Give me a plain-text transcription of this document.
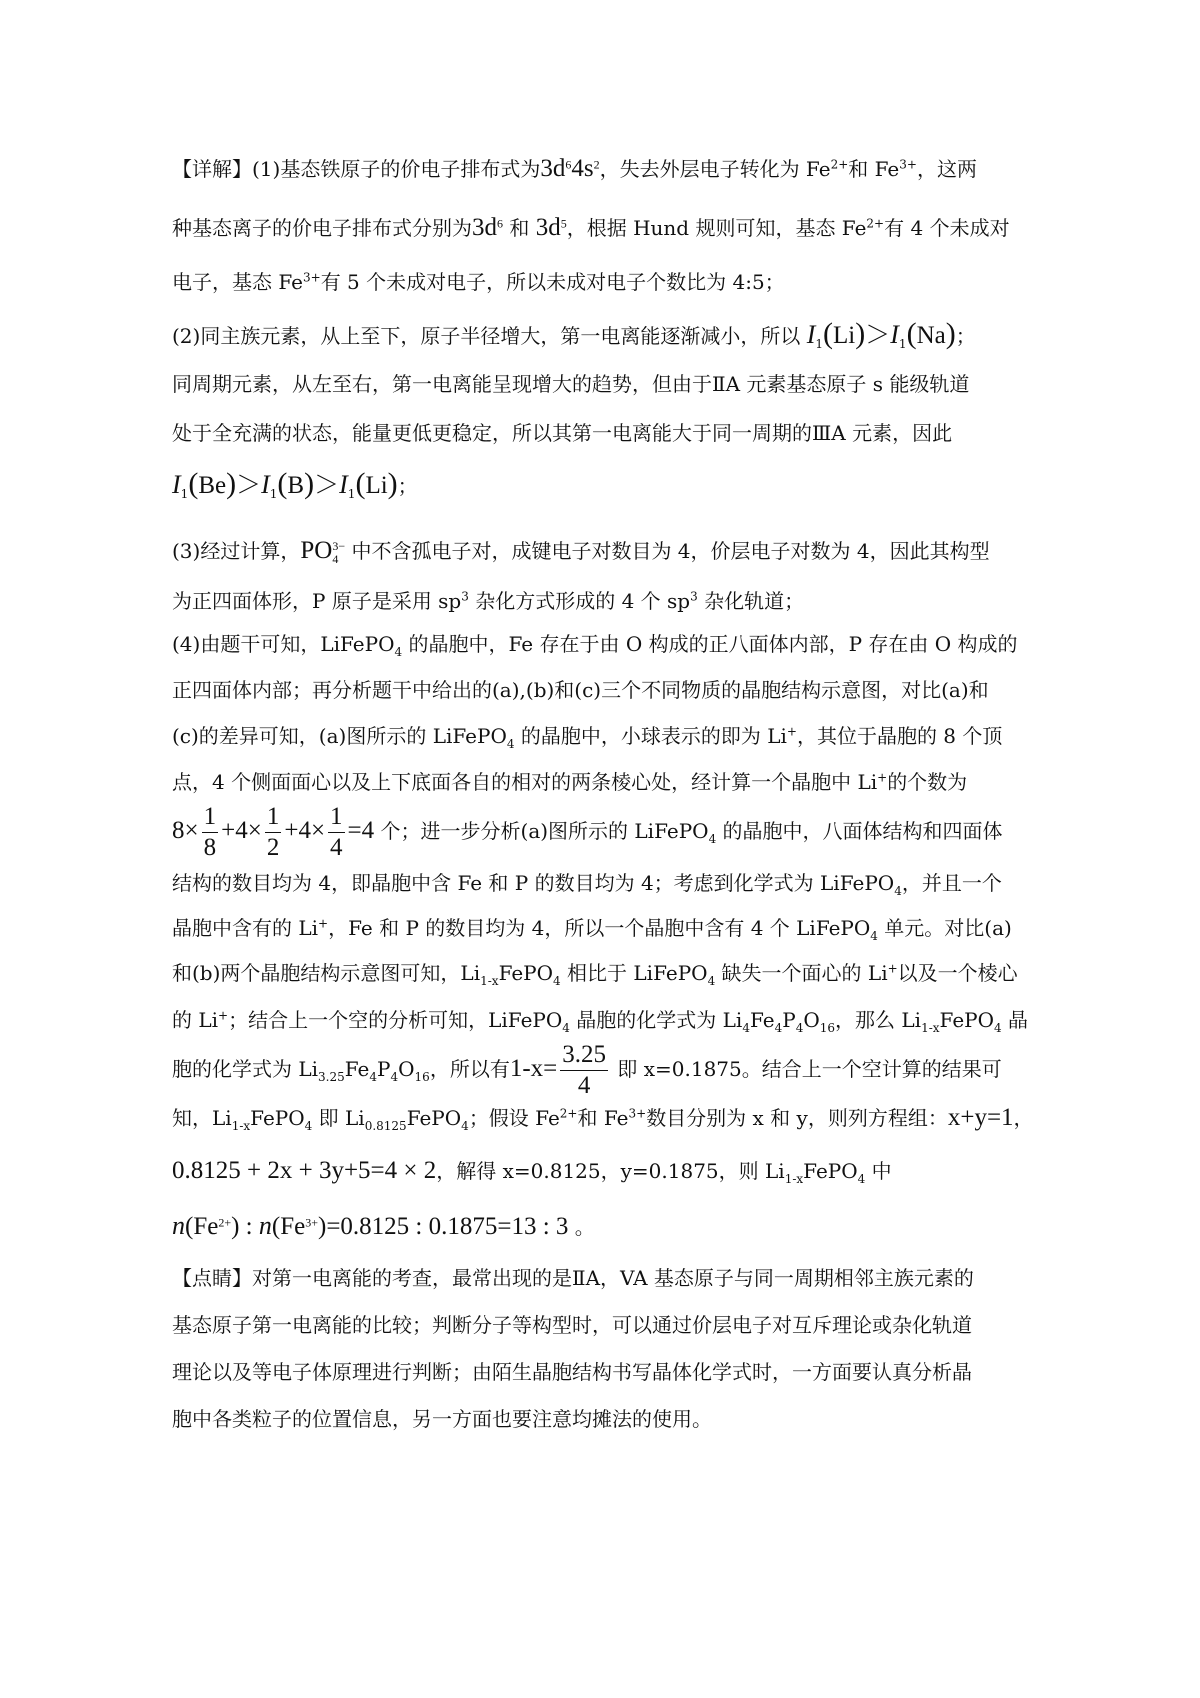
【详解】(1)基态铁原子的价电子排布式为$3d^64s^2$，失去外层电子转化为 $Fe^{2+}$和 $Fe^{3+}$，这两
种基态离子的价电子排布式分别为$3d^6$ 和 $3d^5$，根据 Hund 规则可知，基态 $Fe^{2+}$有 4 个未成对
电子，基态 $Fe^{3+}$有 5 个未成对电子，所以未成对电子个数比为 4:5；
(2)同主族元素，从上至下，原子半径增大，第一电离能逐渐减小，所以 $I_1(Li)>I_1(Na)$；
同周期元素，从左至右，第一电离能呈现增大的趋势，但由于ⅡA 元素基态原子 s 能级轨道
处于全充满的状态，能量更低更稳定，所以其第一电离能大于同一周期的ⅢA 元素，因此
$I_1(Be)>I_1(B)>I_1(Li)$；
(3)经过计算，PO 3−
4 中不含孤电子对，成键电子对数目为 4，价层电子对数为 4，因此其构型
为正四面体形，P 原子是采用 $sp^3$ 杂化方式形成的 4 个 $sp^3$ 杂化轨道；
(4)由题干可知，LiFePO$_4$ 的晶胞中，Fe 存在于由 O 构成的正八面体内部，P 存在由 O 构成的
正四面体内部；再分析题干中给出的(a),(b)和(c)三个不同物质的晶胞结构示意图，对比(a)和
(c)的差异可知，(a)图所示的 LiFePO$_4$ 的晶胞中，小球表示的即为 Li+，其位于晶胞的 8 个顶
点，4 个侧面面心以及上下底面各自的相对的两条棱心处，经计算一个晶胞中 Li+的个数为
$8\times \frac{1}{8} +4\times \frac{1}{2} +4\times \frac{1}{4} =4$ 个；进一步分析(a)图所示的 LiFePO$_4$ 的晶胞中，八面体结构和四面体
结构的数目均为 4，即晶胞中含 Fe 和 P 的数目均为 4；考虑到化学式为 LiFePO$_4$，并且一个
晶胞中含有的 Li+，Fe 和 P 的数目均为 4，所以一个晶胞中含有 4 个 LiFePO$_4$ 单元。对比(a)
和(b)两个晶胞结构示意图可知，$Li_{1-x}FePO_4$ 相比于 LiFePO$_4$ 缺失一个面心的 Li+以及一个棱心
的 Li+；结合上一个空的分析可知，LiFePO$_4$ 晶胞的化学式为 $Li_4Fe_4P_4O_{16}$，那么 $Li_{1-x}FePO_4$ 晶
胞的化学式为 $Li_{3.25}Fe_4P_4O_{16}$，所以有$1-x= \frac{3.25}{4}$ 即 x=0.1875。结合上一个空计算的结果可
知，$Li_{1-x}FePO_4$ 即 $Li_{0.8125}FePO_4$；假设 $Fe^{2+}$和 $Fe^{3+}$数目分别为 x 和 y，则列方程组：x+y=1，
0.8125 + 2x + 3y+5=4 × 2，解得 x=0.8125，y=0.1875，则 $Li_{1-x}FePO_4$ 中
$n(Fe^{2+})$ : $n(Fe^{3+})=0.8125$ : 0.1875=13 : 3 。
【点睛】对第一电离能的考查，最常出现的是ⅡA，VA 基态原子与同一周期相邻主族元素的
基态原子第一电离能的比较；判断分子等构型时，可以通过价层电子对互斥理论或杂化轨道
理论以及等电子体原理进行判断；由陌生晶胞结构书写晶体化学式时，一方面要认真分析晶
胞中各类粒子的位置信息，另一方面也要注意均摊法的使用。
